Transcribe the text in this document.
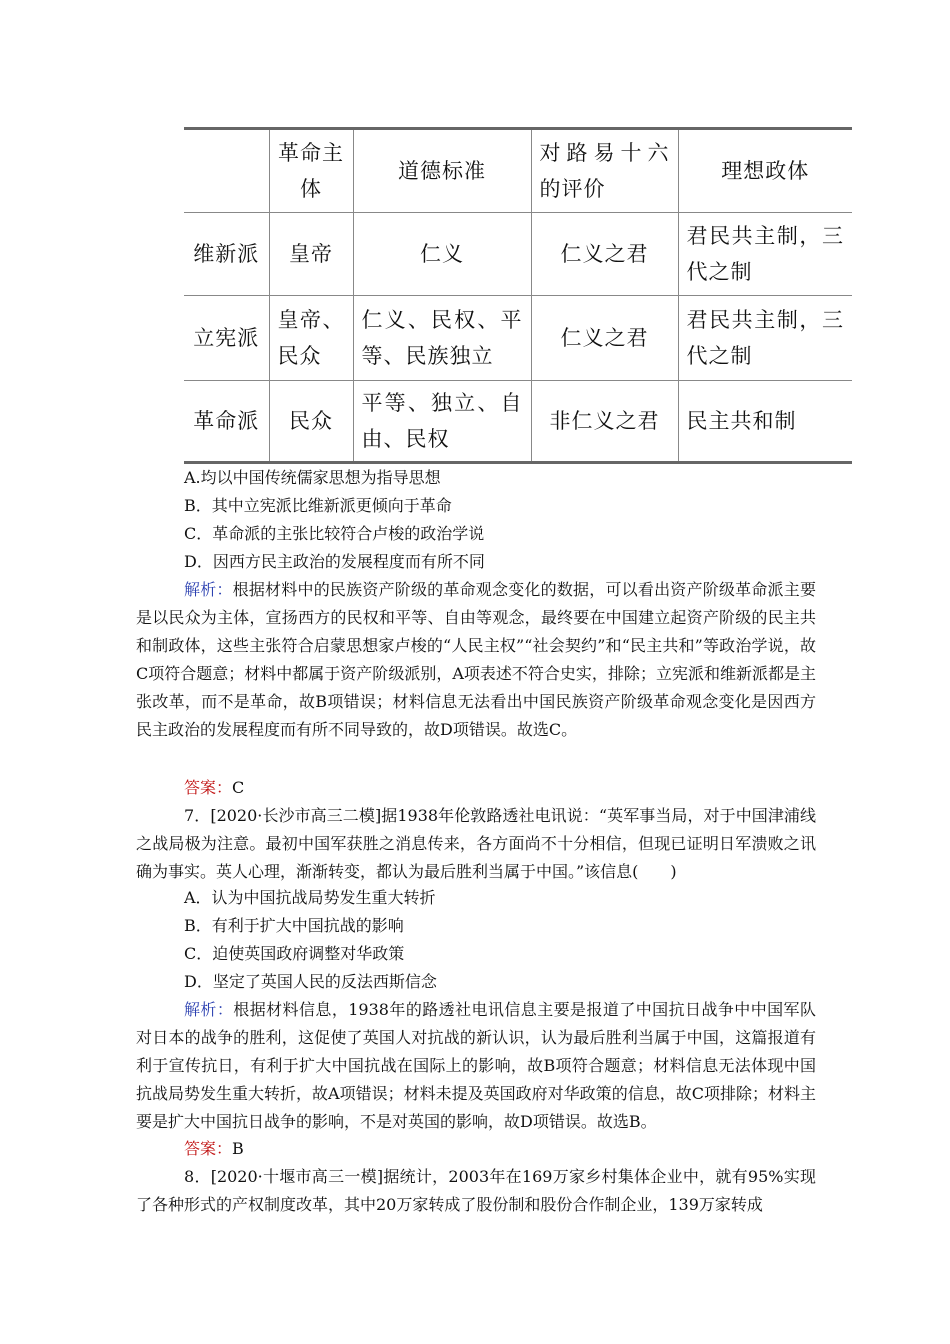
	革命主体	道德标准	对路易十六的评价	理想政体
维新派	皇帝	仁义	仁义之君	君民共主制，三代之制
立宪派	皇帝、民众	仁义、民权、平等、民族独立	仁义之君	君民共主制，三代之制
革命派	民众	平等、独立、自由、民权	非仁义之君	民主共和制
A.均以中国传统儒家思想为指导思想
B．其中立宪派比维新派更倾向于革命
C．革命派的主张比较符合卢梭的政治学说
D．因西方民主政治的发展程度而有所不同
解析：根据材料中的民族资产阶级的革命观念变化的数据，可以看出资产阶级革命派主要是以民众为主体，宣扬西方的民权和平等、自由等观念，最终要在中国建立起资产阶级的民主共和制政体，这些主张符合启蒙思想家卢梭的“人民主权”“社会契约”和“民主共和”等政治学说，故C项符合题意；材料中都属于资产阶级派别，A项表述不符合史实，排除；立宪派和维新派都是主张改革，而不是革命，故B项错误；材料信息无法看出中国民族资产阶级革命观念变化是因西方民主政治的发展程度而有所不同导致的，故D项错误。故选C。
答案：C
7．[2020·长沙市高三二模]据1938年伦敦路透社电讯说：“英军事当局，对于中国津浦线之战局极为注意。最初中国军获胜之消息传来，各方面尚不十分相信，但现已证明日军溃败之讯确为事实。英人心理，渐渐转变，都认为最后胜利当属于中国。”该信息(　　)
A．认为中国抗战局势发生重大转折
B．有利于扩大中国抗战的影响
C．迫使英国政府调整对华政策
D．坚定了英国人民的反法西斯信念
解析：根据材料信息，1938年的路透社电讯信息主要是报道了中国抗日战争中中国军队对日本的战争的胜利，这促使了英国人对抗战的新认识，认为最后胜利当属于中国，这篇报道有利于宣传抗日，有利于扩大中国抗战在国际上的影响，故B项符合题意；材料信息无法体现中国抗战局势发生重大转折，故A项错误；材料未提及英国政府对华政策的信息，故C项排除；材料主要是扩大中国抗日战争的影响，不是对英国的影响，故D项错误。故选B。
答案：B
8．[2020·十堰市高三一模]据统计，2003年在169万家乡村集体企业中，就有95%实现了各种形式的产权制度改革，其中20万家转成了股份制和股份合作制企业，139万家转成
